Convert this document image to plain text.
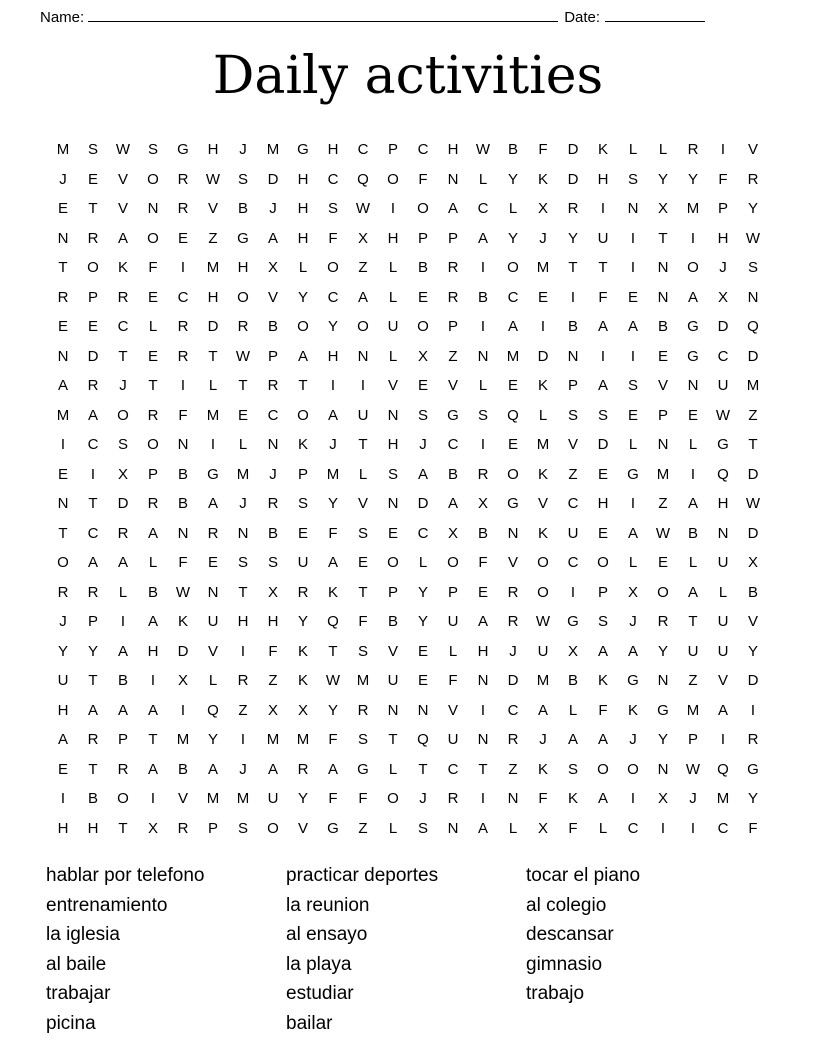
Name:	Date:
Daily activities
M	S	W	S	G	H	J	M	G	H	C	P	C	H	W	B	F	D	K	L	L	R	I	V
J	E	V	O	R	W	S	D	H	C	Q	O	F	N	L	Y	K	D	H	S	Y	Y	F	R
E	T	V	N	R	V	B	J	H	S	W	I	O	A	C	L	X	R	I	N	X	M	P	Y
N	R	A	O	E	Z	G	A	H	F	X	H	P	P	A	Y	J	Y	U	I	T	I	H	W
T	O	K	F	I	M	H	X	L	O	Z	L	B	R	I	O	M	T	T	I	N	O	J	S
R	P	R	E	C	H	O	V	Y	C	A	L	E	R	B	C	E	I	F	E	N	A	X	N
E	E	C	L	R	D	R	B	O	Y	O	U	O	P	I	A	I	B	A	A	B	G	D	Q
N	D	T	E	R	T	W	P	A	H	N	L	X	Z	N	M	D	N	I	I	E	G	C	D
A	R	J	T	I	L	T	R	T	I	I	V	E	V	L	E	K	P	A	S	V	N	U	M
M	A	O	R	F	M	E	C	O	A	U	N	S	G	S	Q	L	S	S	E	P	E	W	Z
I	C	S	O	N	I	L	N	K	J	T	H	J	C	I	E	M	V	D	L	N	L	G	T
E	I	X	P	B	G	M	J	P	M	L	S	A	B	R	O	K	Z	E	G	M	I	Q	D
N	T	D	R	B	A	J	R	S	Y	V	N	D	A	X	G	V	C	H	I	Z	A	H	W
T	C	R	A	N	R	N	B	E	F	S	E	C	X	B	N	K	U	E	A	W	B	N	D
O	A	A	L	F	E	S	S	U	A	E	O	L	O	F	V	O	C	O	L	E	L	U	X
R	R	L	B	W	N	T	X	R	K	T	P	Y	P	E	R	O	I	P	X	O	A	L	B
J	P	I	A	K	U	H	H	Y	Q	F	B	Y	U	A	R	W	G	S	J	R	T	U	V
Y	Y	A	H	D	V	I	F	K	T	S	V	E	L	H	J	U	X	A	A	Y	U	U	Y
U	T	B	I	X	L	R	Z	K	W	M	U	E	F	N	D	M	B	K	G	N	Z	V	D
H	A	A	A	I	Q	Z	X	X	Y	R	N	N	V	I	C	A	L	F	K	G	M	A	I
A	R	P	T	M	Y	I	M	M	F	S	T	Q	U	N	R	J	A	A	J	Y	P	I	R
E	T	R	A	B	A	J	A	R	A	G	L	T	C	T	Z	K	S	O	O	N	W	Q	G
I	B	O	I	V	M	M	U	Y	F	F	O	J	R	I	N	F	K	A	I	X	J	M	Y
H	H	T	X	R	P	S	O	V	G	Z	L	S	N	A	L	X	F	L	C	I	I	C	F
hablar por telefono
entrenamiento
la iglesia
al baile
trabajar
picina
practicar deportes
la reunion
al ensayo
la playa
estudiar
bailar
tocar el piano
al colegio
descansar
gimnasio
trabajo
